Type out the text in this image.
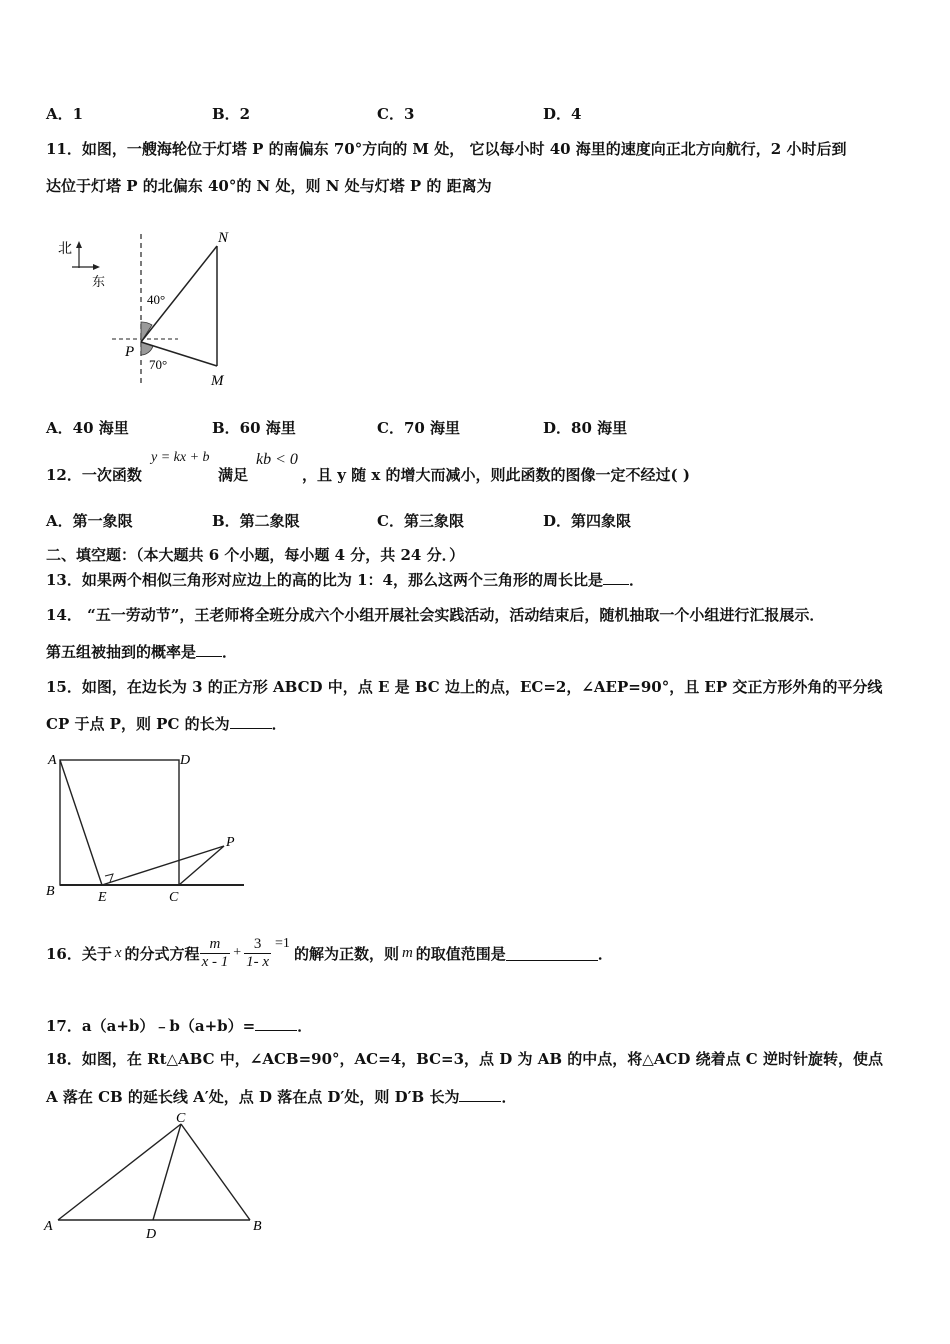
A．1	B．2	C．3	D．4
11．如图，一艘海轮位于灯塔 P 的南偏东 70°方向的 M 处， 它以每小时 40 海里的速度向正北方向航行，2 小时后到
达位于灯塔 P 的北偏东 40°的 N 处，则 N 处与灯塔 P 的 距离为
北
东
N
P
M
40°
70°
A．40 海里	B．60 海里	C．70 海里	D．80 海里
12．一次函数
y = kx + b
满足
kb < 0
，且 y 随 x 的增大而减小，则此函数的图像一定不经过( )
A．第一象限	B．第二象限	C．第三象限	D．第四象限
二、填空题：（本大题共 6 个小题，每小题 4 分，共 24 分．）
13．如果两个相似三角形对应边上的高的比为 1：4，那么这两个三角形的周长比是 ．
14． “五一劳动节”，王老师将全班分成六个小组开展社会实践活动，活动结束后，随机抽取一个小组进行汇报展示．
第五组被抽到的概率是 ．
15．如图，在边长为 3 的正方形 ABCD 中，点 E 是 BC 边上的点，EC=2，∠AEP=90°，且 EP 交正方形外角的平分线
CP 于点 P，则 PC 的长为	．
A	D
B	E	C
P
16．关于 x 的分式方程 $\frac{m}{x - 1} + \frac{3}{1- x} =1$
的解为正数，则 m 的取值范围是	．
17．a（a+b）﹣b（a+b）=	．
18．如图，在 Rt△ABC 中，∠ACB=90°，AC=4，BC=3，点 D 为 AB 的中点，将△ACD 绕着点 C 逆时针旋转，使点
A 落在 CB 的延长线 A′处，点 D 落在点 D′处，则 D′B 长为	．
C
A
D
B
